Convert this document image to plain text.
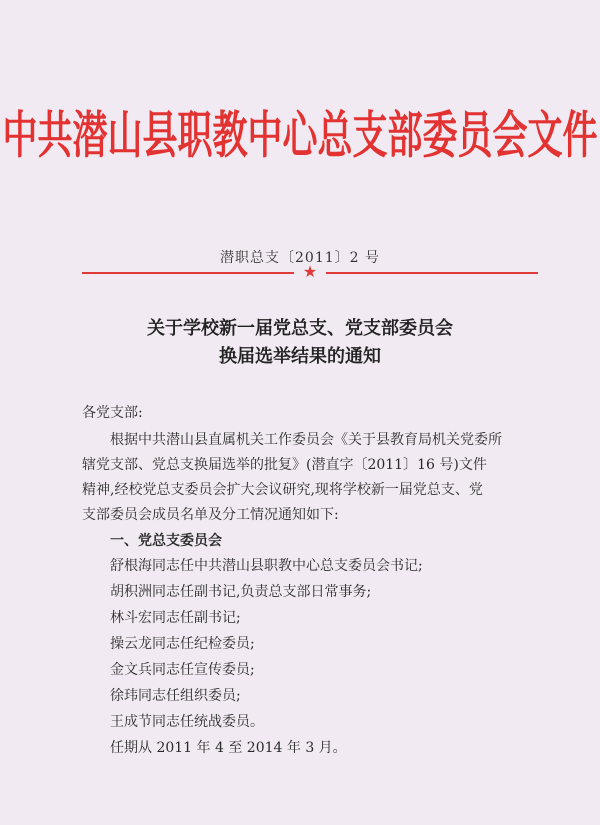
中共潜山县职教中心总支部委员会文件
潜职总支〔2011〕2 号
★
关于学校新一届党总支、党支部委员会
换届选举结果的通知
各党支部:
根据中共潜山县直属机关工作委员会《关于县教育局机关党委所
辖党支部、党总支换届选举的批复》(潜直字〔2011〕16 号)文件
精神,经校党总支委员会扩大会议研究,现将学校新一届党总支、党
支部委员会成员名单及分工情况通知如下:
一、党总支委员会
舒根海同志任中共潜山县职教中心总支委员会书记;
胡积洲同志任副书记,负责总支部日常事务;
林斗宏同志任副书记;
操云龙同志任纪检委员;
金文兵同志任宣传委员;
徐玮同志任组织委员;
王成节同志任统战委员。
任期从 2011 年 4 至 2014 年 3 月。
